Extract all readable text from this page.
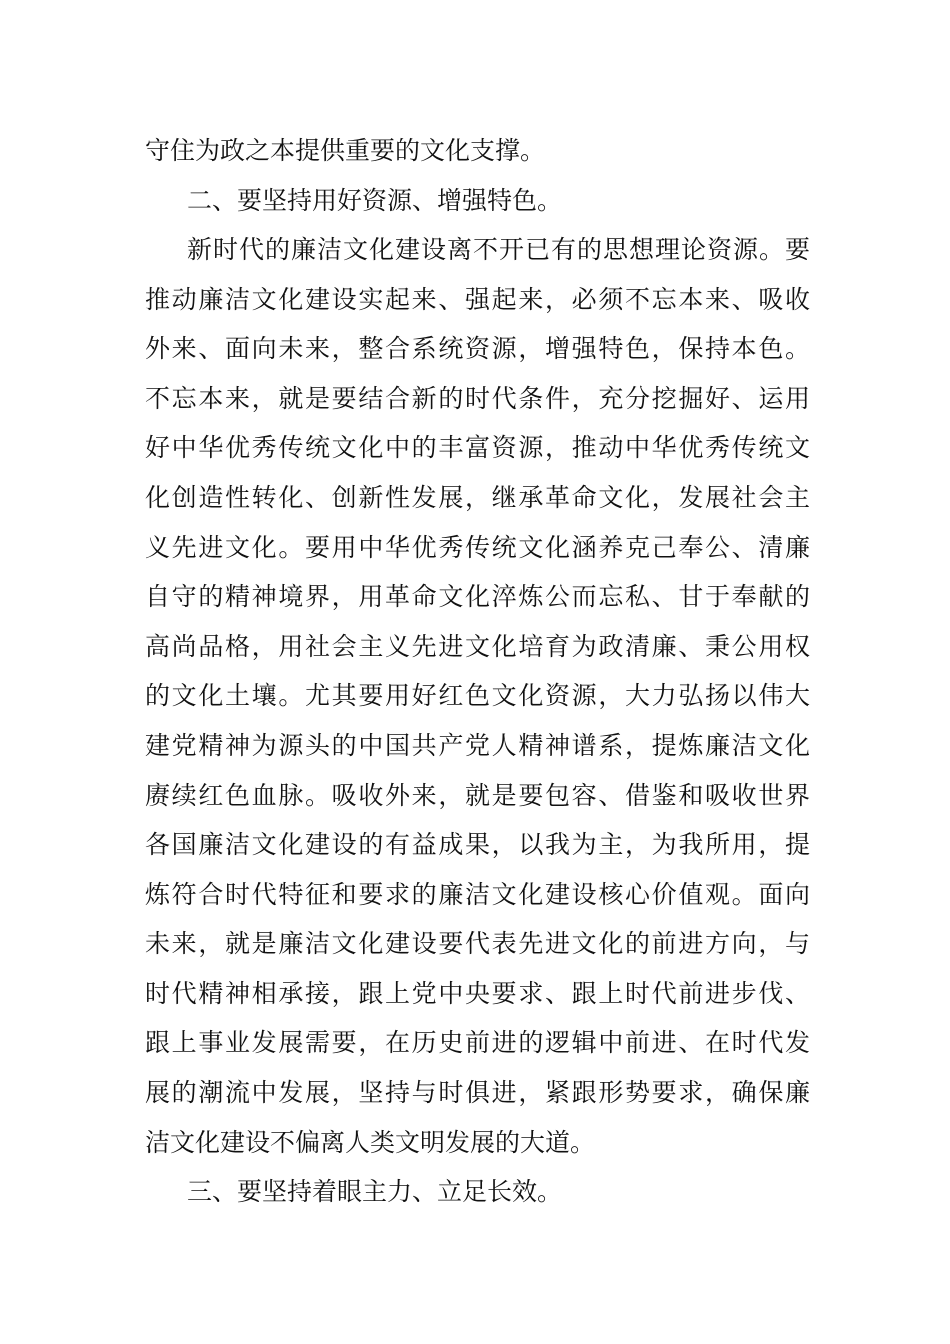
守住为政之本提供重要的文化支撑。
二、要坚持用好资源、增强特色。
新时代的廉洁文化建设离不开已有的思想理论资源。要
推动廉洁文化建设实起来、强起来，必须不忘本来、吸收
外来、面向未来，整合系统资源，增强特色，保持本色。
不忘本来，就是要结合新的时代条件，充分挖掘好、运用
好中华优秀传统文化中的丰富资源，推动中华优秀传统文
化创造性转化、创新性发展，继承革命文化，发展社会主
义先进文化。要用中华优秀传统文化涵养克己奉公、清廉
自守的精神境界，用革命文化淬炼公而忘私、甘于奉献的
高尚品格，用社会主义先进文化培育为政清廉、秉公用权
的文化土壤。尤其要用好红色文化资源，大力弘扬以伟大
建党精神为源头的中国共产党人精神谱系，提炼廉洁文化
赓续红色血脉。吸收外来，就是要包容、借鉴和吸收世界
各国廉洁文化建设的有益成果，以我为主，为我所用，提
炼符合时代特征和要求的廉洁文化建设核心价值观。面向
未来，就是廉洁文化建设要代表先进文化的前进方向，与
时代精神相承接，跟上党中央要求、跟上时代前进步伐、
跟上事业发展需要，在历史前进的逻辑中前进、在时代发
展的潮流中发展，坚持与时俱进，紧跟形势要求，确保廉
洁文化建设不偏离人类文明发展的大道。
三、要坚持着眼主力、立足长效。
